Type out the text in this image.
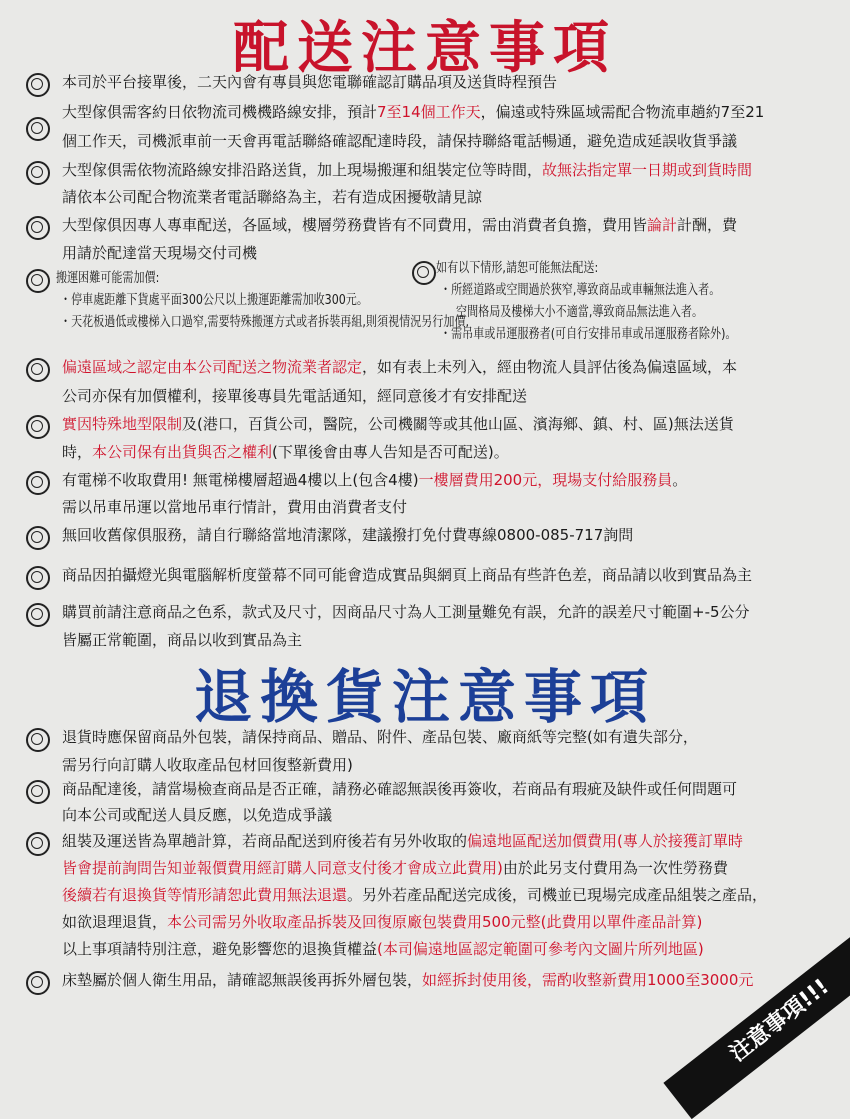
配送注意事項
退換貨注意事項
本司於平台接單後，二天內會有專員與您電聯確認訂購品項及送貨時程預告
大型傢俱需客約日依物流司機機路線安排，預計7至14個工作天，偏遠或特殊區域需配合物流車趟約7至21
個工作天，司機派車前一天會再電話聯絡確認配達時段，請保持聯絡電話暢通，避免造成延誤收貨爭議
大型傢俱需依物流路線安排沿路送貨，加上現場搬運和組裝定位等時間，故無法指定單一日期或到貨時間
請依本公司配合物流業者電話聯絡為主，若有造成困擾敬請見諒
大型傢俱因專人專車配送，各區域，樓層勞務費皆有不同費用，需由消費者負擔，費用皆論計計酬，費
用請於配達當天現場交付司機
搬運困難可能需加價:
・停車處距離下貨處平面300公尺以上搬運距離需加收300元。
・天花板過低或樓梯入口過窄,需要特殊搬運方式或者拆裝再組,則須視情況另行加價,
如有以下情形,請恕可能無法配送:
・所經道路或空間過於狹窄,導致商品或車輛無法進入者。
空間格局及樓梯大小不適當,導致商品無法進入者。
・需吊車或吊運服務者(可自行安排吊車或吊運服務者除外)。
偏遠區域之認定由本公司配送之物流業者認定，如有表上未列入，經由物流人員評估後為偏遠區域，本
公司亦保有加價權利，接單後專員先電話通知，經同意後才有安排配送
實因特殊地型限制及(港口，百貨公司，醫院，公司機關等或其他山區、濱海鄉、鎮、村、區)無法送貨
時，本公司保有出貨與否之權利(下單後會由專人告知是否可配送)。
有電梯不收取費用! 無電梯樓層超過4樓以上(包含4樓)一樓層費用200元，現場支付給服務員。
需以吊車吊運以當地吊車行情計，費用由消費者支付
無回收舊傢俱服務，請自行聯絡當地清潔隊，建議撥打免付費專線0800-085-717詢問
商品因拍攝燈光與電腦解析度螢幕不同可能會造成實品與網頁上商品有些許色差，商品請以收到實品為主
購買前請注意商品之色系，款式及尺寸，因商品尺寸為人工測量難免有誤，允許的誤差尺寸範圍+-5公分
皆屬正常範圍，商品以收到實品為主
退貨時應保留商品外包裝，請保持商品、贈品、附件、產品包裝、廠商紙等完整(如有遺失部分，
需另行向訂購人收取產品包材回復整新費用)
商品配達後，請當場檢查商品是否正確，請務必確認無誤後再簽收，若商品有瑕疵及缺件或任何問題可
向本公司或配送人員反應，以免造成爭議
組裝及運送皆為單趟計算，若商品配送到府後若有另外收取的偏遠地區配送加價費用(專人於接獲訂單時
皆會提前詢問告知並報價費用經訂購人同意支付後才會成立此費用)由於此另支付費用為一次性勞務費
後續若有退換貨等情形請恕此費用無法退還。另外若產品配送完成後，司機並已現場完成產品組裝之產品，
如欲退理退貨，本公司需另外收取產品拆裝及回復原廠包裝費用500元整(此費用以單件產品計算)
以上事項請特別注意，避免影響您的退換貨權益(本司偏遠地區認定範圍可參考內文圖片所列地區)
床墊屬於個人衛生用品，請確認無誤後再拆外層包裝，如經拆封使用後，需酌收整新費用1000至3000元
注意事項!!!
